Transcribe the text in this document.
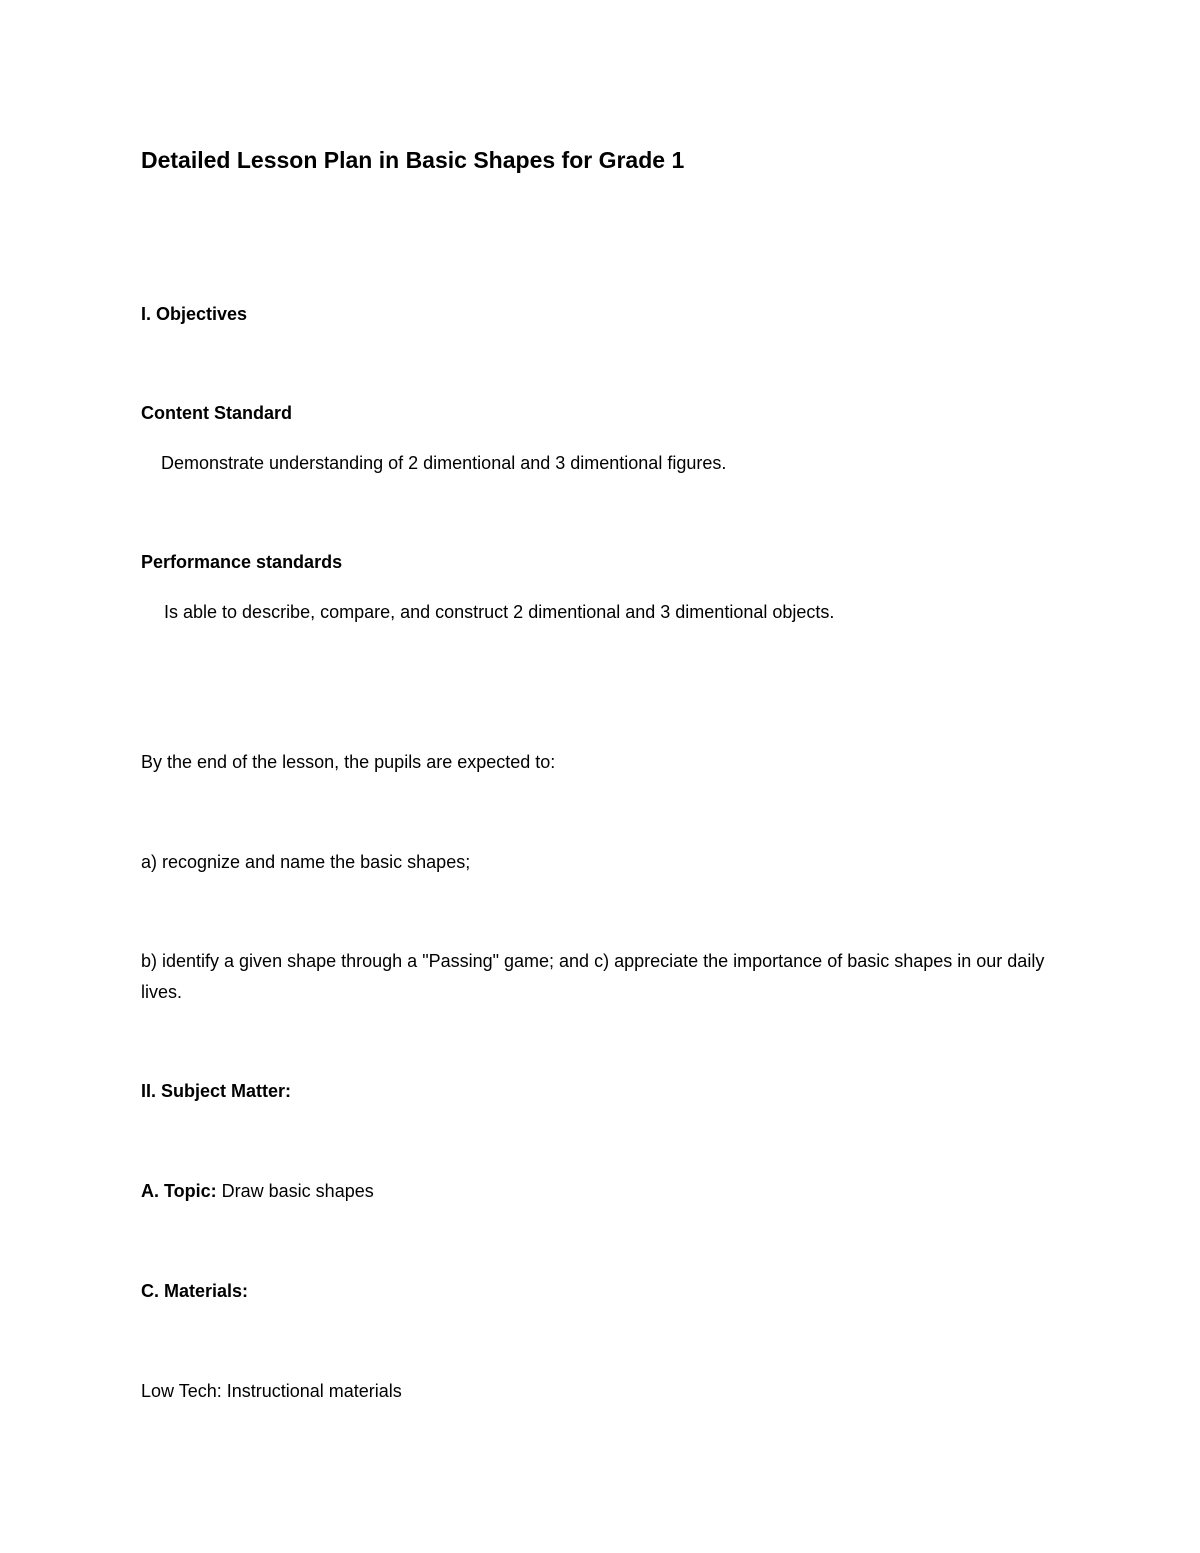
Detailed Lesson Plan in Basic Shapes for Grade 1
I. Objectives
Content Standard
Demonstrate understanding of 2 dimentional and 3 dimentional figures.
Performance standards
Is able to describe, compare, and construct 2 dimentional and 3 dimentional objects.
By the end of the lesson, the pupils are expected to:
a) recognize and name the basic shapes;
b) identify a given shape through a "Passing" game; and c) appreciate the importance of basic shapes in our daily lives.
II. Subject Matter:
A. Topic: Draw basic shapes
C. Materials:
Low Tech: Instructional materials
